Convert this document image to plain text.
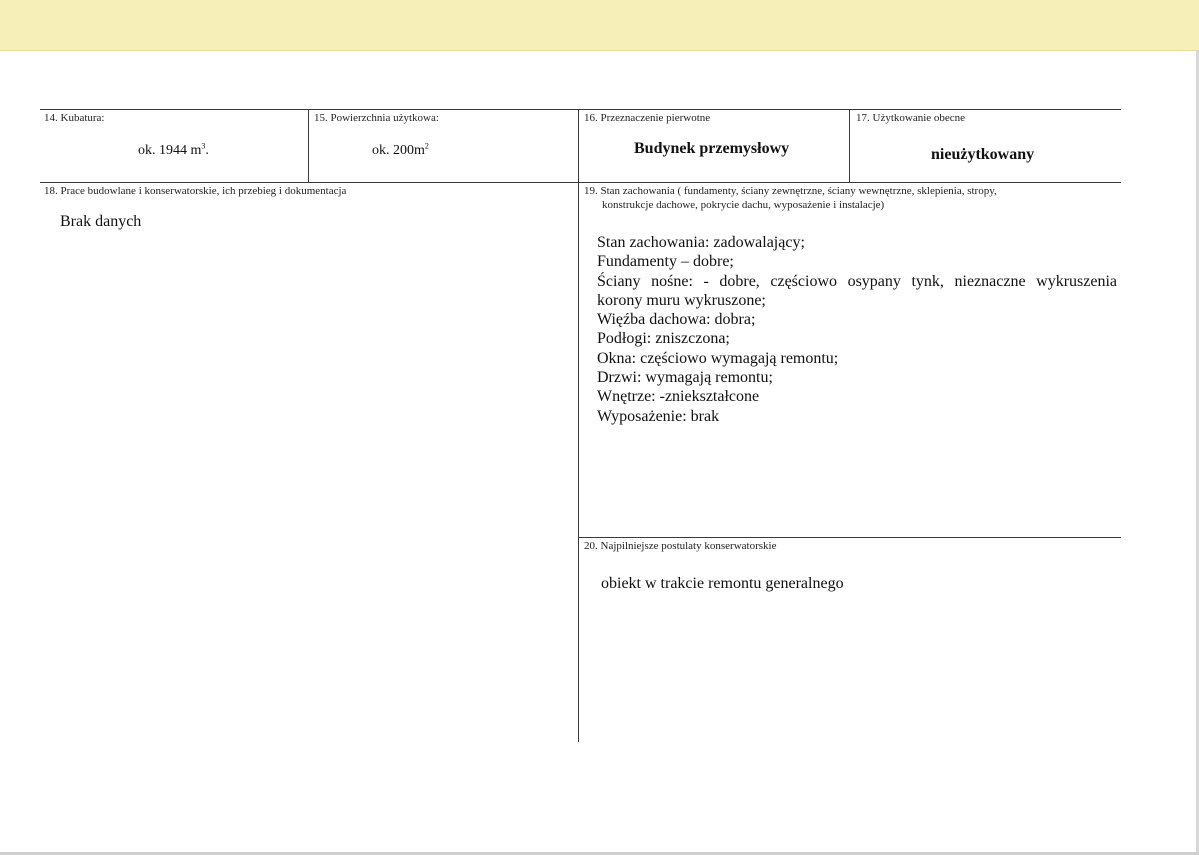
14. Kubatura:
ok. 1944 $m^3$.
15. Powierzchnia użytkowa:
ok. $200m^2$
16. Przeznaczenie pierwotne
Budynek przemysłowy
17. Użytkowanie obecne
nieużytkowany
18. Prace budowlane i konserwatorskie, ich przebieg i dokumentacja
Brak danych
19. Stan zachowania ( fundamenty, ściany zewnętrzne, ściany wewnętrzne, sklepienia, stropy,
konstrukcje dachowe, pokrycie dachu, wyposażenie i instalacje)
Stan zachowania: zadowalający;
Fundamenty – dobre;
Ściany nośne: - dobre, częściowo osypany tynk, nieznaczne wykruszenia
korony muru wykruszone;
Więźba dachowa: dobra;
Podłogi: zniszczona;
Okna: częściowo wymagają remontu;
Drzwi: wymagają remontu;
Wnętrze: -zniekształcone
Wyposażenie: brak
20. Najpilniejsze postulaty konserwatorskie
obiekt w trakcie remontu generalnego
